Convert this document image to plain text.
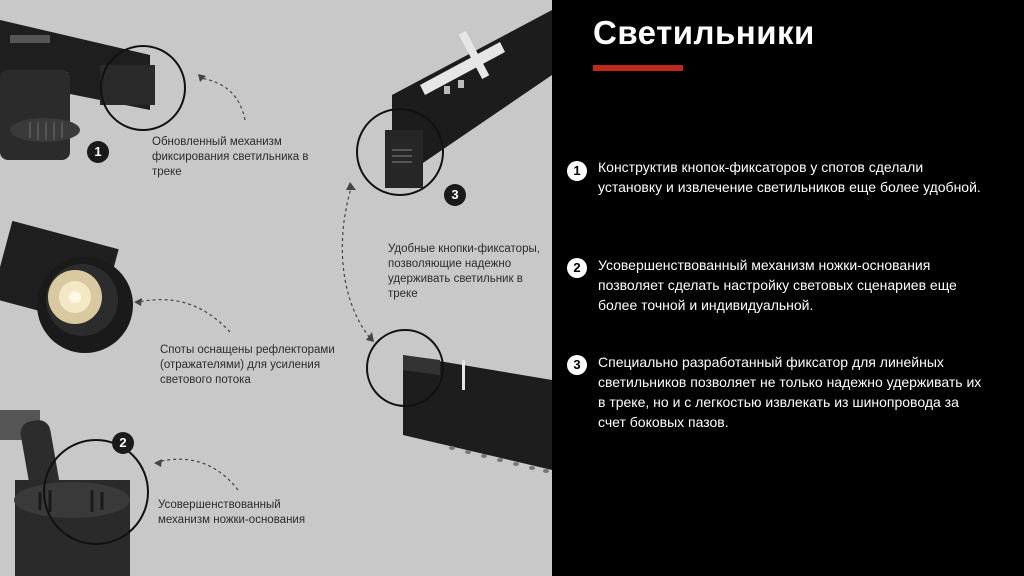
1
2
3
Обновленный механизм фиксирования светильника в треке
Споты оснащены рефлекторами (отражателями) для усиления светового потока
Усовершенствованный механизм ножки-основания
Удобные кнопки-фиксаторы, позволяющие надежно удерживать светильник в треке
Светильники
1	Конструктив кнопок-фиксаторов у спотов сделали установку и извлечение светильников еще более удобной.
2	Усовершенствованный механизм ножки-основания позволяет сделать настройку световых сценариев еще более точной и индивидуальной.
3	Специально разработанный фиксатор для линейных светильников позволяет не только надежно удерживать их в треке, но и с легкостью извлекать из шинопровода за счет боковых пазов.
